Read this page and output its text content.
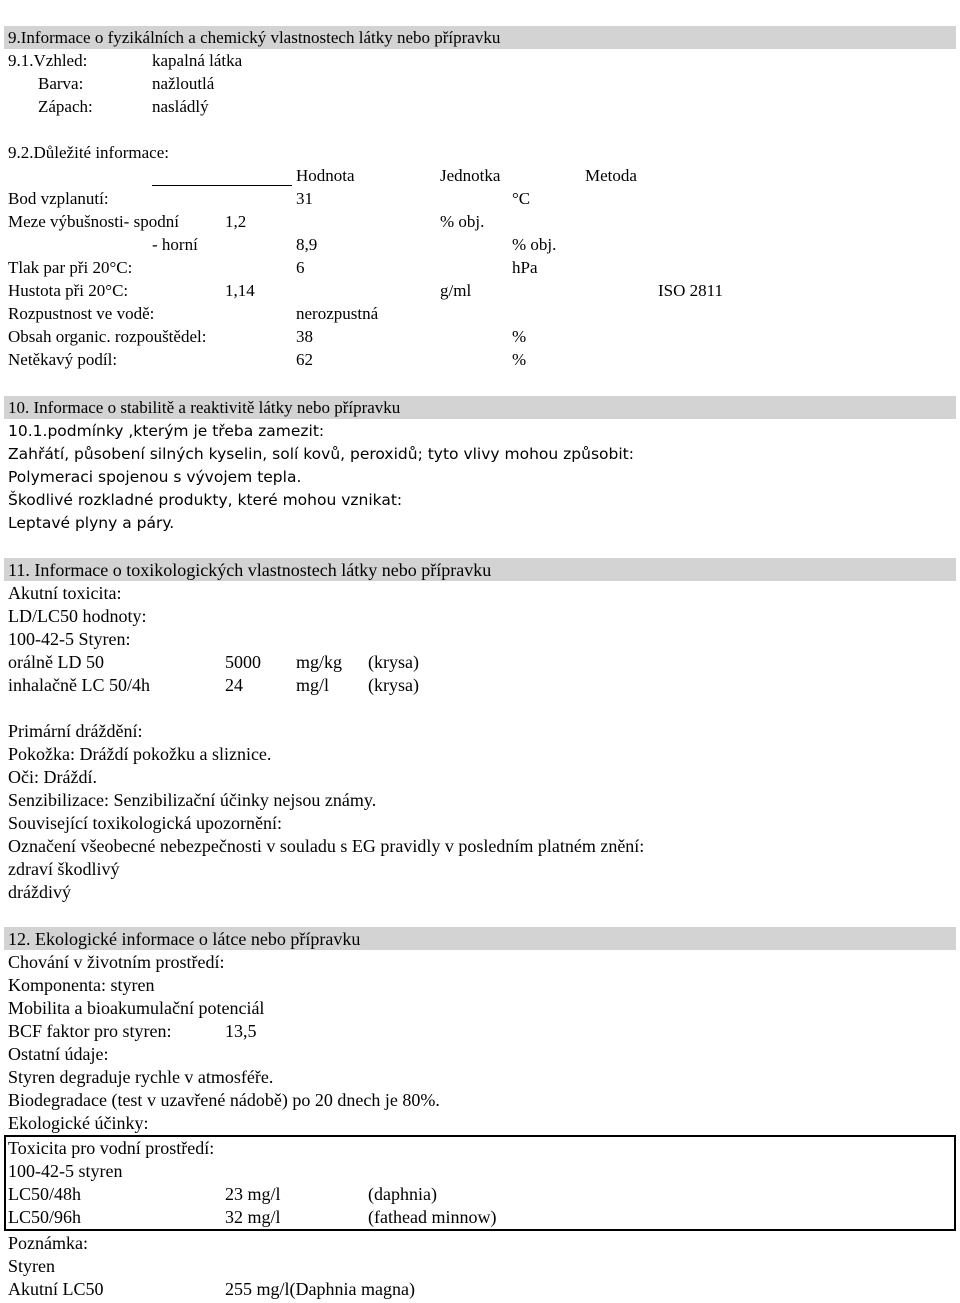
9.Informace o fyzikálních a chemický vlastnostech látky nebo přípravku
9.1.Vzhled:	kapalná látka
Barva:	nažloutlá
Zápach:	nasládlý
9.2.Důležité informace:
Hodnota	Jednotka	Metoda
Bod vzplanutí:	31	°C
Meze výbušnosti- spodní	1,2	% obj.
- horní	8,9	% obj.
Tlak par při 20°C:	6	hPa
Hustota při 20°C:	1,14	g/ml	ISO 2811
Rozpustnost ve vodě:	nerozpustná
Obsah organic. rozpouštědel:	38	%
Netěkavý podíl:	62	%
10. Informace o stabilitě a reaktivitě látky nebo přípravku
10.1.podmínky ,kterým je třeba zamezit:
Zahřátí, působení silných kyselin, solí kovů, peroxidů; tyto vlivy mohou způsobit:
Polymeraci spojenou s vývojem tepla.
Škodlivé rozkladné produkty, které mohou vznikat:
Leptavé plyny a páry.
11. Informace o toxikologických vlastnostech látky nebo přípravku
Akutní toxicita:
LD/LC50 hodnoty:
100-42-5 Styren:
orálně LD 50	5000 mg/kg (krysa)
inhalačně LC 50/4h	24	mg/l (krysa)
Primární dráždění:
Pokožka: Dráždí pokožku a sliznice.
Oči: Dráždí.
Senzibilizace: Senzibilizační účinky nejsou známy.
Související toxikologická upozornění:
Označení všeobecné nebezpečnosti v souladu s EG pravidly v posledním platném znění:
zdraví škodlivý
dráždivý
12. Ekologické informace o látce nebo přípravku
Chování v životním prostředí:
Komponenta: styren
Mobilita a bioakumulační potenciál
BCF faktor pro styren:	13,5
Ostatní údaje:
Styren degraduje rychle v atmosféře.
Biodegradace (test v uzavřené nádobě) po 20 dnech je 80%.
Ekologické účinky:
Toxicita pro vodní prostředí:
100-42-5 styren
LC50/48h	23 mg/l	(daphnia)
LC50/96h	32 mg/l	(fathead minnow)
Poznámka:
Styren
Akutní LC50	255 mg/l(Daphnia magna)
